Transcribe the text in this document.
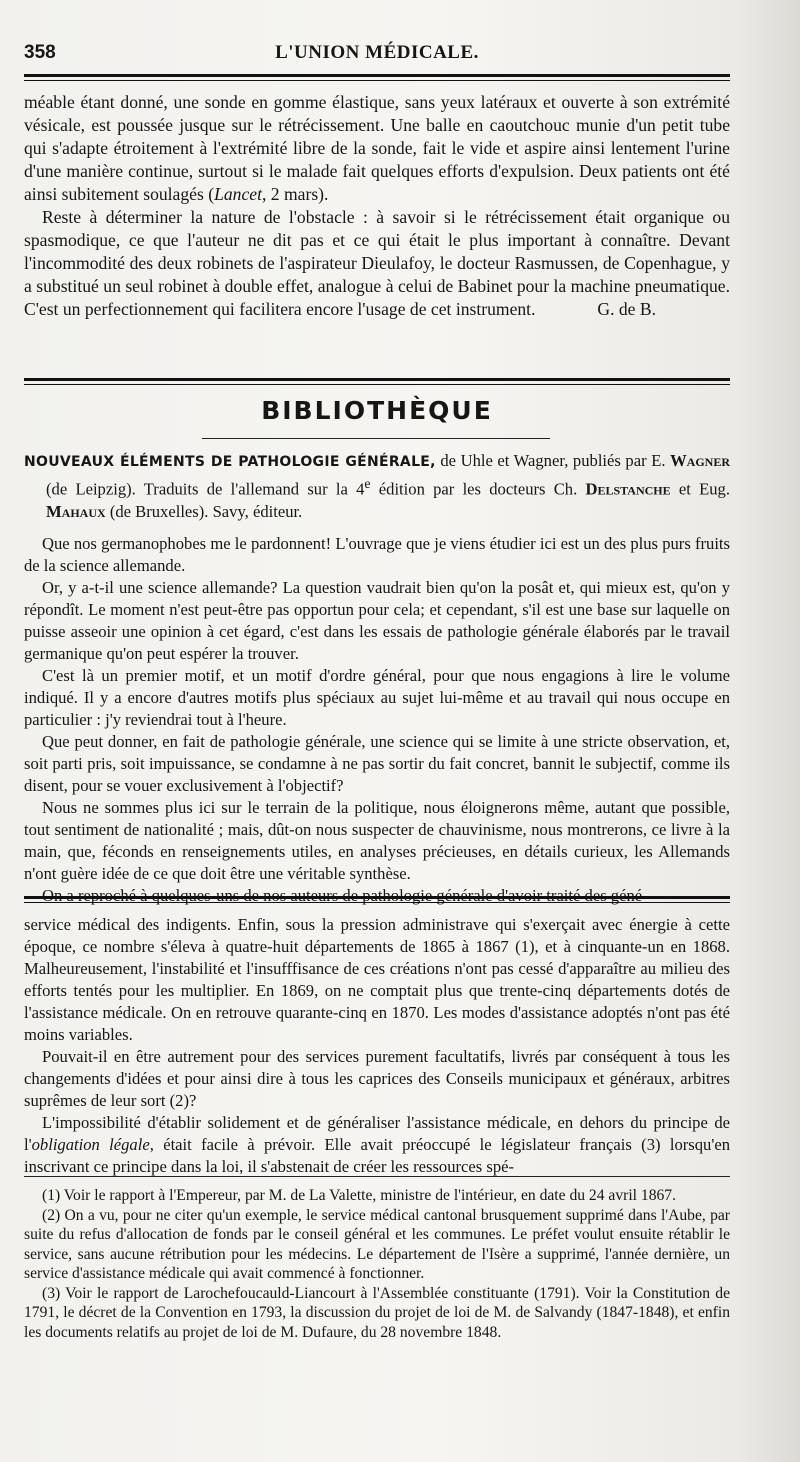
358	L'UNION MÉDICALE.

méable étant donné, une sonde en gomme élastique, sans yeux latéraux et ouverte à son extrémité vésicale, est poussée jusque sur le rétrécissement. Une balle en caoutchouc munie d'un petit tube qui s'adapte étroitement à l'extrémité libre de la sonde, fait le vide et aspire ainsi lentement l'urine d'une manière continue, surtout si le malade fait quelques efforts d'expulsion. Deux patients ont été ainsi subitement soulagés (Lancet, 2 mars).

Reste à déterminer la nature de l'obstacle : à savoir si le rétrécissement était organique ou spasmodique, ce que l'auteur ne dit pas et ce qui était le plus important à connaître. Devant l'incommodité des deux robinets de l'aspirateur Dieulafoy, le docteur Rasmussen, de Copenhague, y a substitué un seul robinet à double effet, analogue à celui de Babinet pour la machine pneumatique. C'est un perfectionnement qui facilitera encore l'usage de cet instrument.	G. de B.

BIBLIOTHÈQUE

NOUVEAUX ÉLÉMENTS DE PATHOLOGIE GÉNÉRALE, de Uhle et Wagner, publiés par E. Wagner (de Leipzig). Traduits de l'allemand sur la 4e édition par les docteurs Ch. Delstanche et Eug. Mahaux (de Bruxelles). Savy, éditeur.

Que nos germanophobes me le pardonnent! L'ouvrage que je viens étudier ici est un des plus purs fruits de la science allemande.

Or, y a-t-il une science allemande? La question vaudrait bien qu'on la posât et, qui mieux est, qu'on y répondît. Le moment n'est peut-être pas opportun pour cela; et cependant, s'il est une base sur laquelle on puisse asseoir une opinion à cet égard, c'est dans les essais de pathologie générale élaborés par le travail germanique qu'on peut espérer la trouver.

C'est là un premier motif, et un motif d'ordre général, pour que nous engagions à lire le volume indiqué. Il y a encore d'autres motifs plus spéciaux au sujet lui-même et au travail qui nous occupe en particulier : j'y reviendrai tout à l'heure.

Que peut donner, en fait de pathologie générale, une science qui se limite à une stricte observation, et, soit parti pris, soit impuissance, se condamne à ne pas sortir du fait concret, bannit le subjectif, comme ils disent, pour se vouer exclusivement à l'objectif?

Nous ne sommes plus ici sur le terrain de la politique, nous éloignerons même, autant que possible, tout sentiment de nationalité ; mais, dût-on nous suspecter de chauvinisme, nous montrerons, ce livre à la main, que, féconds en renseignements utiles, en analyses précieuses, en détails curieux, les Allemands n'ont guère idée de ce que doit être une véritable synthèse.

On a reproché à quelques-uns de nos auteurs de pathologie générale d'avoir traité des géné-

service médical des indigents. Enfin, sous la pression administrave qui s'exerçait avec énergie à cette époque, ce nombre s'éleva à quatre-huit départements de 1865 à 1867 (1), et à cinquante-un en 1868. Malheureusement, l'instabilité et l'insufffisance de ces créations n'ont pas cessé d'apparaître au milieu des efforts tentés pour les multiplier. En 1869, on ne comptait plus que trente-cinq départements dotés de l'assistance médicale. On en retrouve quarante-cinq en 1870. Les modes d'assistance adoptés n'ont pas été moins variables.

Pouvait-il en être autrement pour des services purement facultatifs, livrés par conséquent à tous les changements d'idées et pour ainsi dire à tous les caprices des Conseils municipaux et généraux, arbitres suprêmes de leur sort (2)?

L'impossibilité d'établir solidement et de généraliser l'assistance médicale, en dehors du principe de l'obligation légale, était facile à prévoir. Elle avait préoccupé le législateur français (3) lorsqu'en inscrivant ce principe dans la loi, il s'abstenait de créer les ressources spé-

(1) Voir le rapport à l'Empereur, par M. de La Valette, ministre de l'intérieur, en date du 24 avril 1867.

(2) On a vu, pour ne citer qu'un exemple, le service médical cantonal brusquement supprimé dans l'Aube, par suite du refus d'allocation de fonds par le conseil général et les communes. Le préfet voulut ensuite rétablir le service, sans aucune rétribution pour les médecins. Le département de l'Isère a supprimé, l'année dernière, un service d'assistance médicale qui avait commencé à fonctionner.

(3) Voir le rapport de Larochefoucauld-Liancourt à l'Assemblée constituante (1791). Voir la Constitution de 1791, le décret de la Convention en 1793, la discussion du projet de loi de M. de Salvandy (1847-1848), et enfin les documents relatifs au projet de loi de M. Dufaure, du 28 novembre 1848.
